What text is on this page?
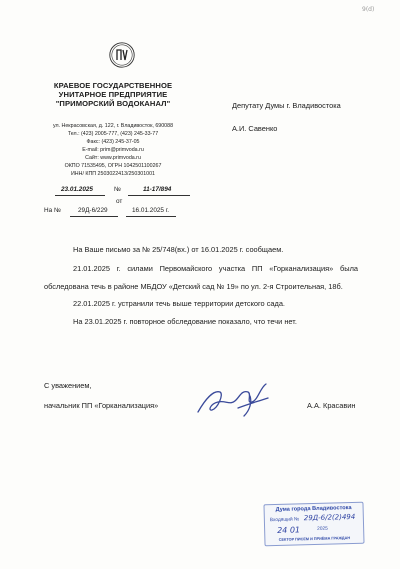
9(d)
КРАЕВОЕ ГОСУДАРСТВЕННОЕ
УНИТАРНОЕ ПРЕДПРИЯТИЕ
"ПРИМОРСКИЙ ВОДОКАНАЛ"
ул. Некрасовская, д. 122, г. Владивосток, 690088
Тел.: (423) 2005-777, (423) 245-33-77
Факс: (423) 245-37-05
E-mail: prim@primvoda.ru
Сайт: www.primvoda.ru
ОКПО 71535495, ОГРН 1042501100267
ИНН/ КПП 2503022413/250301001
Депутату Думы г. Владивостока
А.И. Савенко
23.01.2025	№	11-17/894
от
На №	29Д-6/229	16.01.2025 г.
На Ваше письмо за № 25/748(вх.) от 16.01.2025 г. сообщаем.
21.01.2025 г. силами Первомайского участка ПП «Горканализация» была
обследована течь в районе МБДОУ «Детский сад № 19» по ул. 2-я Строительная, 18б.
22.01.2025 г. устранили течь выше территории детского сада.
На 23.01.2025 г. повторное обследование показало, что течи нет.
С уважением,
начальник ПП «Горканализация»	А.А. Красавин
Дума города Владивостока
Входящий № 29Д-6/2(2)494
24 01	2025
СЕКТОР ПИСЕМ И ПРИЁМА ГРАЖДАН
